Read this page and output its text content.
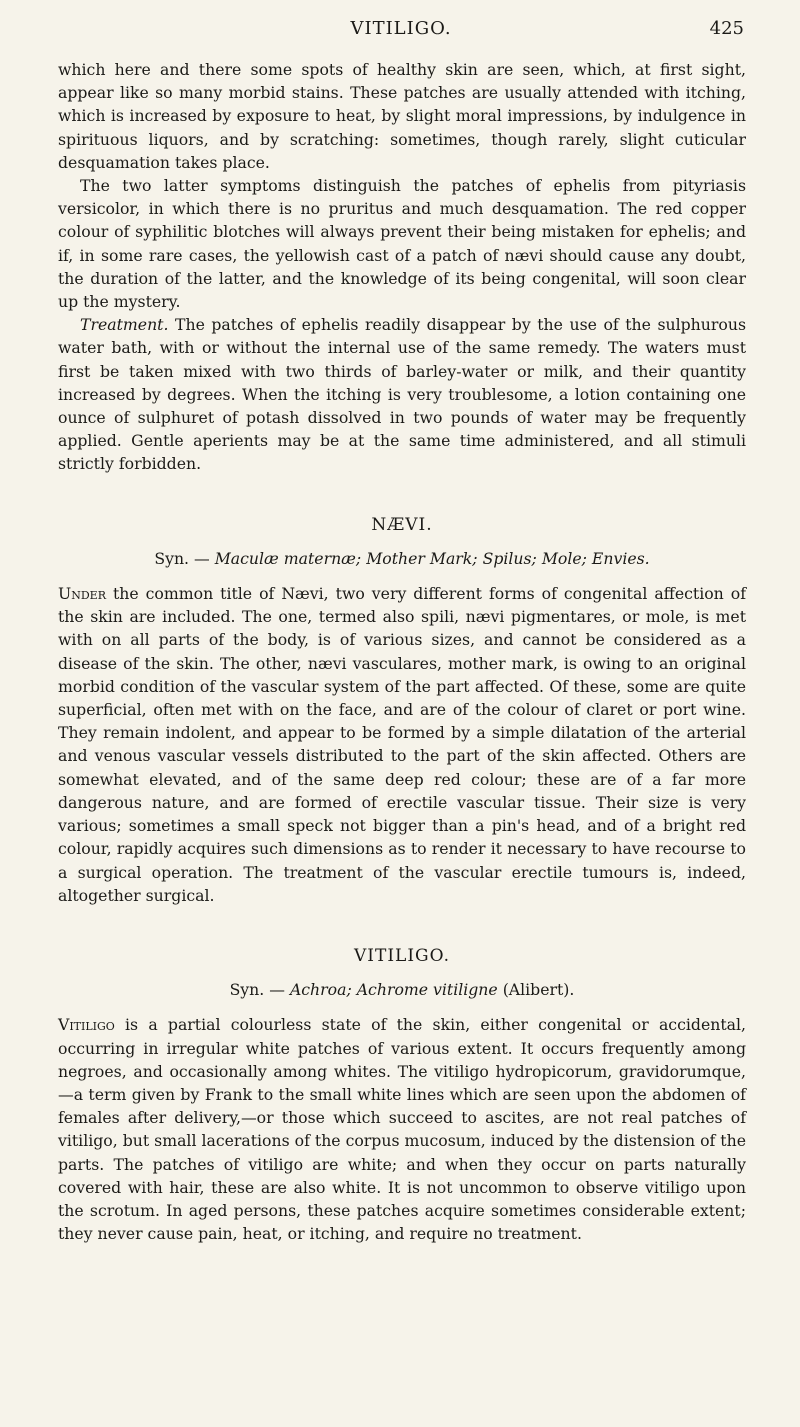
VITILIGO.	425

which here and there some spots of healthy skin are seen, which, at first sight, appear like so many morbid stains. These patches are usually attended with itching, which is increased by exposure to heat, by slight moral impressions, by indulgence in spirituous liquors, and by scratching: sometimes, though rarely, slight cuticular desquamation takes place.

The two latter symptoms distinguish the patches of ephelis from pityriasis versicolor, in which there is no pruritus and much desquamation. The red copper colour of syphilitic blotches will always prevent their being mistaken for ephelis; and if, in some rare cases, the yellowish cast of a patch of nævi should cause any doubt, the duration of the latter, and the knowledge of its being congenital, will soon clear up the mystery.

Treatment. The patches of ephelis readily disappear by the use of the sulphurous water bath, with or without the internal use of the same remedy. The waters must first be taken mixed with two thirds of barley-water or milk, and their quantity increased by degrees. When the itching is very troublesome, a lotion containing one ounce of sulphuret of potash dissolved in two pounds of water may be frequently applied. Gentle aperients may be at the same time administered, and all stimuli strictly forbidden.

NÆVI.
Syn. — Maculæ maternæ; Mother Mark; Spilus; Mole; Envies.

Under the common title of Nævi, two very different forms of congenital affection of the skin are included. The one, termed also spili, nævi pigmentares, or mole, is met with on all parts of the body, is of various sizes, and cannot be considered as a disease of the skin. The other, nævi vasculares, mother mark, is owing to an original morbid condition of the vascular system of the part affected. Of these, some are quite superficial, often met with on the face, and are of the colour of claret or port wine. They remain indolent, and appear to be formed by a simple dilatation of the arterial and venous vascular vessels distributed to the part of the skin affected. Others are somewhat elevated, and of the same deep red colour; these are of a far more dangerous nature, and are formed of erectile vascular tissue. Their size is very various; sometimes a small speck not bigger than a pin's head, and of a bright red colour, rapidly acquires such dimensions as to render it necessary to have recourse to a surgical operation. The treatment of the vascular erectile tumours is, indeed, altogether surgical.

VITILIGO.
Syn. — Achroa; Achrome vitiligne (Alibert).

Vitiligo is a partial colourless state of the skin, either congenital or accidental, occurring in irregular white patches of various extent. It occurs frequently among negroes, and occasionally among whites. The vitiligo hydropicorum, gravidorumque,—a term given by Frank to the small white lines which are seen upon the abdomen of females after delivery,—or those which succeed to ascites, are not real patches of vitiligo, but small lacerations of the corpus mucosum, induced by the distension of the parts. The patches of vitiligo are white; and when they occur on parts naturally covered with hair, these are also white. It is not uncommon to observe vitiligo upon the scrotum. In aged persons, these patches acquire sometimes considerable extent; they never cause pain, heat, or itching, and require no treatment.
